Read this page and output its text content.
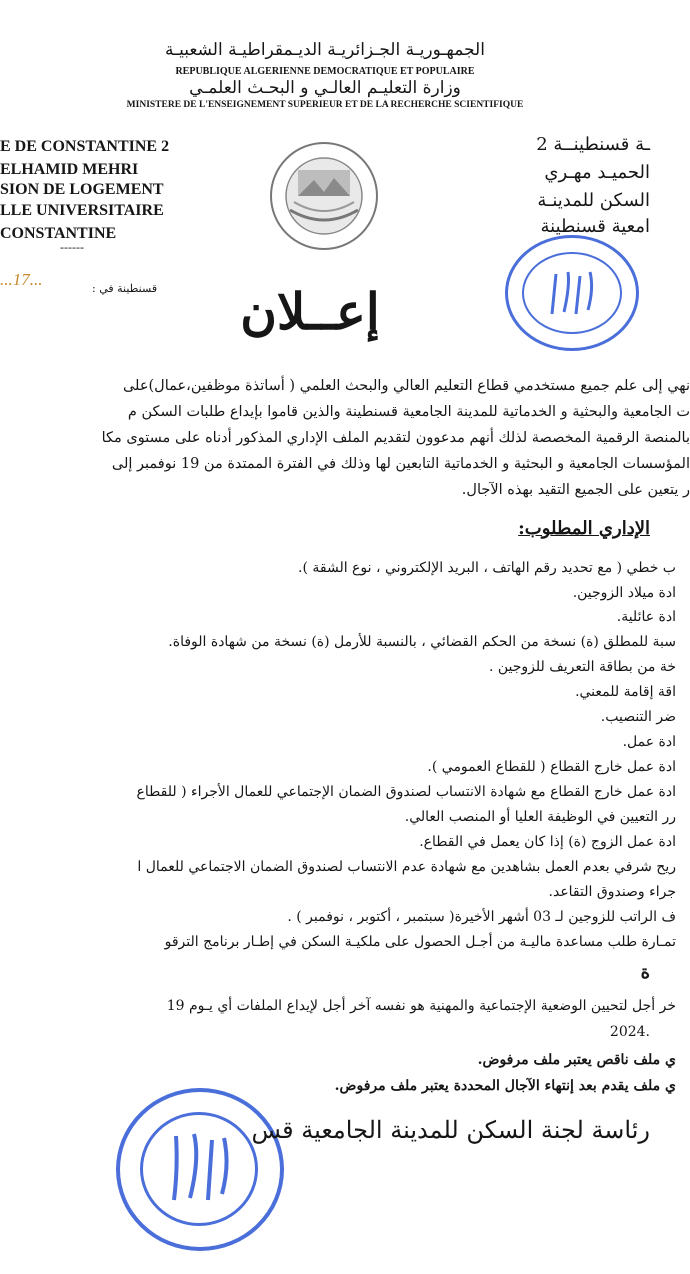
الجمهـوريـة الجـزائريـة الديـمقراطيـة الشعبيـة
REPUBLIQUE ALGERIENNE DEMOCRATIQUE ET POPULAIRE
وزارة التعليـم العالـي و البحـث العلمـي
MINISTERE DE L'ENSEIGNEMENT SUPERIEUR ET DE LA RECHERCHE SCIENTIFIQUE
E DE CONSTANTINE 2
ELHAMID MEHRI
SION DE LOGEMENT
LLE UNIVERSITAIRE
CONSTANTINE
------
...17...
ـة قسنطينــة 2
الحميـد مهـري
السكن للمدينـة
امعية قسنطينة
قسنطينة في :	إعــلان
نهي إلى علم جميع مستخدمي قطاع التعليم العالي والبحث العلمي ( أساتذة موظفين،عمال)على
ت الجامعية والبحثية و الخدماتية للمدينة الجامعية قسنطينة والذين قاموا بإيداع طلبات السكن م
بالمنصة الرقمية المخصصة لذلك أنهم مدعوون لتقديم الملف الإداري المذكور أدناه على مستوى مكا
المؤسسات الجامعية و البحثية و الخدماتية التابعين لها وذلك في الفترة الممتدة من 19 نوفمبر إلى
ر يتعين على الجميع التقيد بهذه الآجال.
الإداري المطلوب:
ب خطي ( مع تحديد رقم الهاتف ، البريد الإلكتروني ، نوع الشقة ).
ادة ميلاد الزوجين.
ادة عائلية.
سبة للمطلق (ة) نسخة من الحكم القضائي ، بالنسبة للأرمل (ة) نسخة من شهادة الوفاة.
خة من بطاقة التعريف للزوجين .
اقة إقامة للمعني.
ضر التنصيب.
ادة عمل.
ادة عمل خارج القطاع ( للقطاع العمومي ).
ادة عمل خارج القطاع مع شهادة الانتساب لصندوق الضمان الإجتماعي للعمال الأجراء ( للقطاع
رر التعيين في الوظيفة العليا أو المنصب العالي.
ادة عمل الزوج (ة) إذا كان يعمل في القطاع.
ريح شرفي بعدم العمل بشاهدين مع شهادة عدم الانتساب لصندوق الضمان الاجتماعي للعمال ا
جراء وصندوق التقاعد.
ف الراتب للزوجين لـ 03 أشهر الأخيرة( سبتمبر ، أكتوبر ، نوفمبر ) .
تمـارة طلب مساعدة ماليـة من أجـل الحصول على ملكيـة السكن في إطـار برنامج الترقو
ة
خر أجل لتحيين الوضعية الإجتماعية والمهنية هو نفسه آخر أجل لإيداع الملفات أي يـوم 19
2024.
ي ملف ناقص يعتبر ملف مرفوض.
ي ملف يقدم بعد إنتهاء الآجال المحددة يعتبر ملف مرفوض.
رئاسة لجنة السكن للمدينة الجامعية قس
